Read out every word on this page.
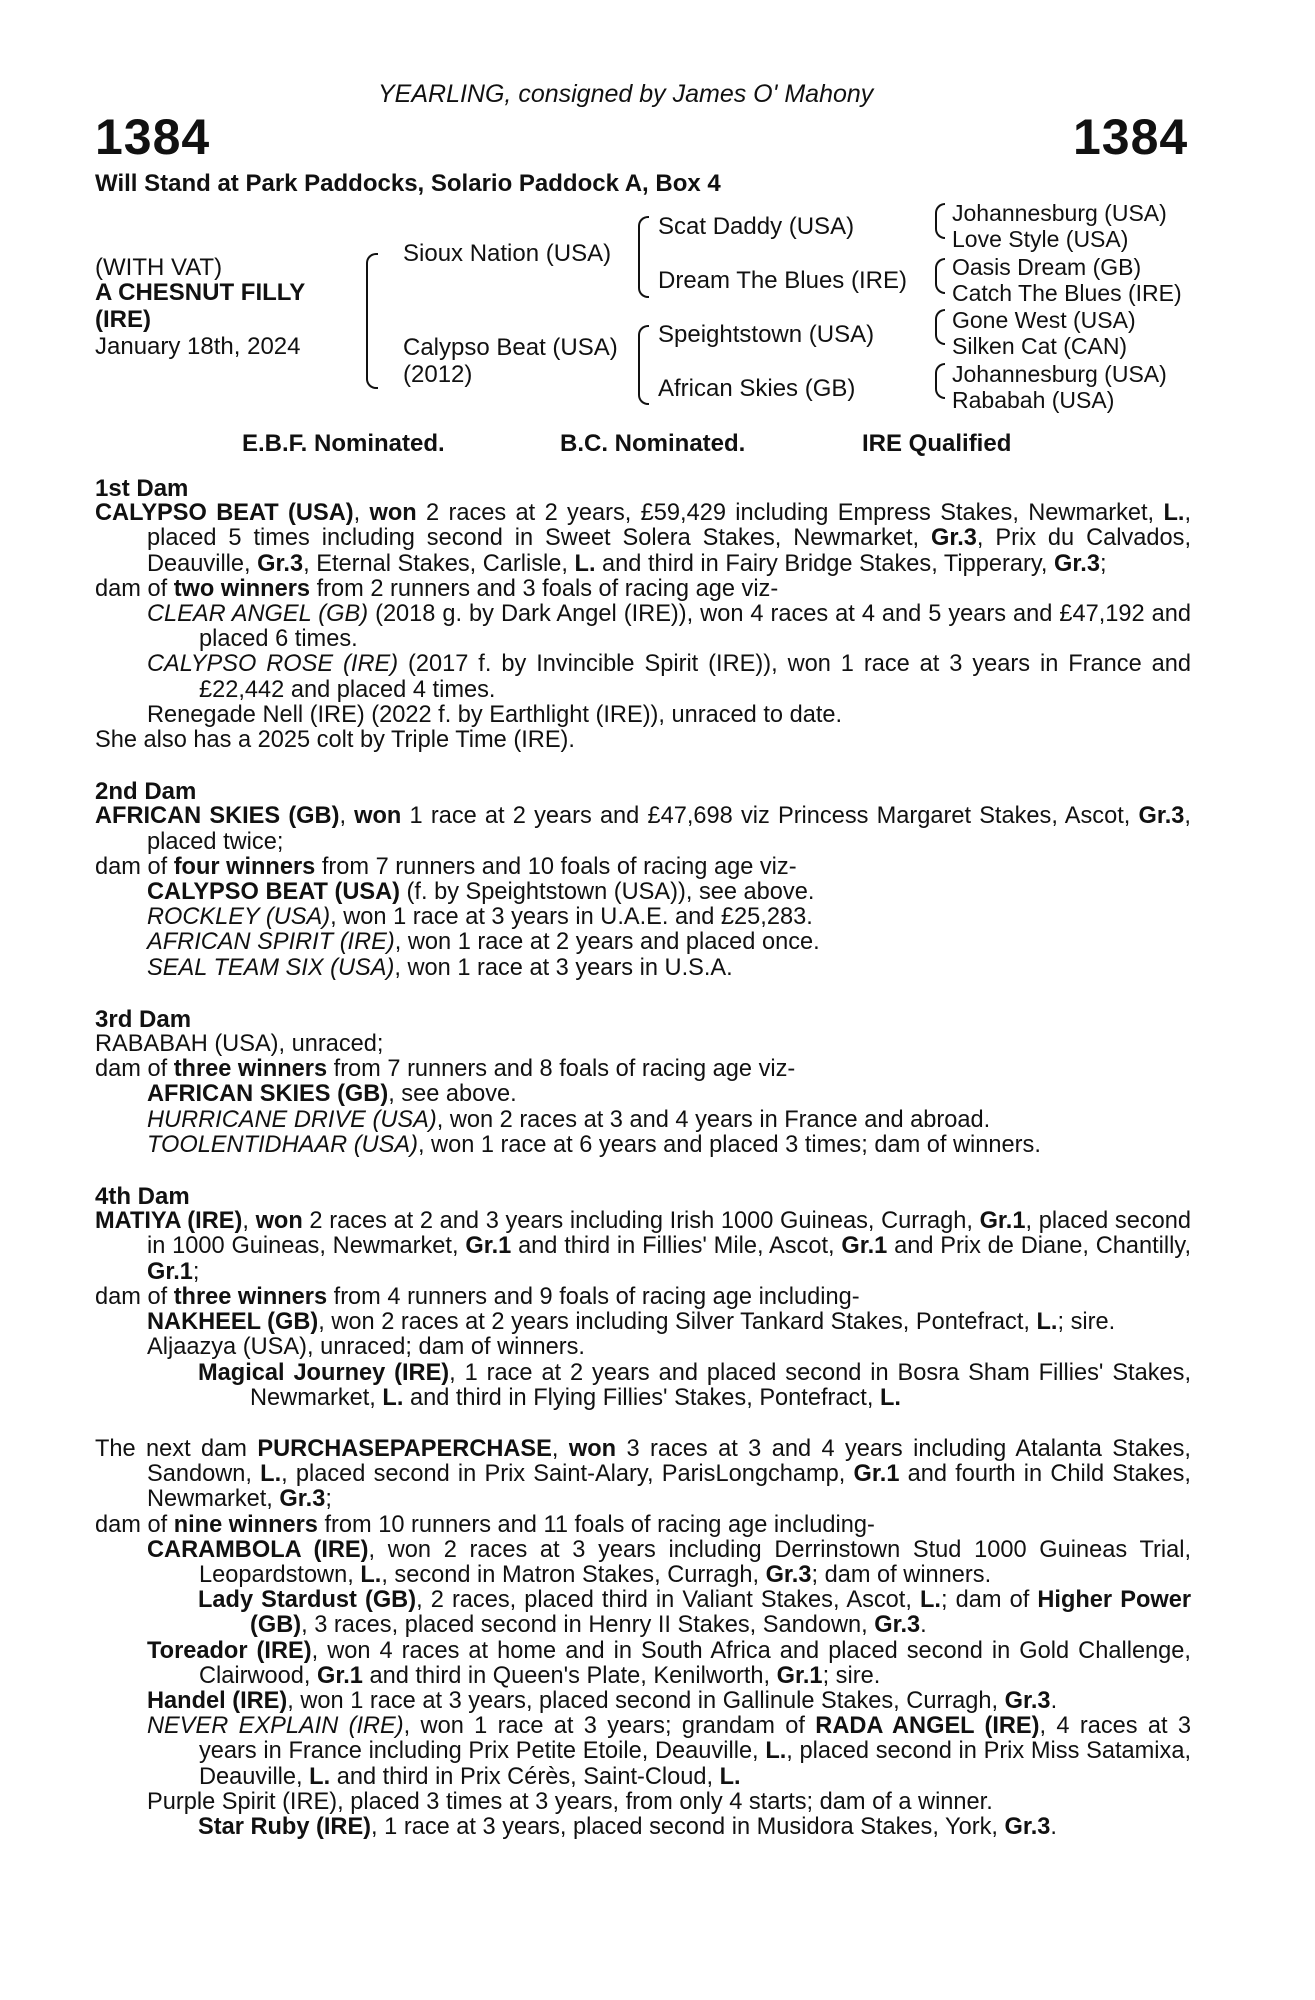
YEARLING, consigned by James O' Mahony
1384	1384
Will Stand at Park Paddocks, Solario Paddock A, Box 4
(WITH VAT)
A CHESNUT FILLY
(IRE)
January 18th, 2024
Sioux Nation (USA)
Calypso Beat (USA)
(2012)
Scat Daddy (USA)
Dream The Blues (IRE)
Speightstown (USA)
African Skies (GB)
Johannesburg (USA)
Love Style (USA)
Oasis Dream (GB)
Catch The Blues (IRE)
Gone West (USA)
Silken Cat (CAN)
Johannesburg (USA)
Rababah (USA)
E.B.F. Nominated.	B.C. Nominated.	IRE Qualified
1st Dam
CALYPSO BEAT (USA), won 2 races at 2 years, £59,429 including Empress Stakes, Newmarket, L., placed 5 times including second in Sweet Solera Stakes, Newmarket, Gr.3, Prix du Calvados, Deauville, Gr.3, Eternal Stakes, Carlisle, L. and third in Fairy Bridge Stakes, Tipperary, Gr.3;
dam of two winners from 2 runners and 3 foals of racing age viz-
CLEAR ANGEL (GB) (2018 g. by Dark Angel (IRE)), won 4 races at 4 and 5 years and £47,192 and placed 6 times.
CALYPSO ROSE (IRE) (2017 f. by Invincible Spirit (IRE)), won 1 race at 3 years in France and £22,442 and placed 4 times.
Renegade Nell (IRE) (2022 f. by Earthlight (IRE)), unraced to date.
She also has a 2025 colt by Triple Time (IRE).
2nd Dam
AFRICAN SKIES (GB), won 1 race at 2 years and £47,698 viz Princess Margaret Stakes, Ascot, Gr.3, placed twice;
dam of four winners from 7 runners and 10 foals of racing age viz-
CALYPSO BEAT (USA) (f. by Speightstown (USA)), see above.
ROCKLEY (USA), won 1 race at 3 years in U.A.E. and £25,283.
AFRICAN SPIRIT (IRE), won 1 race at 2 years and placed once.
SEAL TEAM SIX (USA), won 1 race at 3 years in U.S.A.
3rd Dam
RABABAH (USA), unraced;
dam of three winners from 7 runners and 8 foals of racing age viz-
AFRICAN SKIES (GB), see above.
HURRICANE DRIVE (USA), won 2 races at 3 and 4 years in France and abroad.
TOOLENTIDHAAR (USA), won 1 race at 6 years and placed 3 times; dam of winners.
4th Dam
MATIYA (IRE), won 2 races at 2 and 3 years including Irish 1000 Guineas, Curragh, Gr.1, placed second in 1000 Guineas, Newmarket, Gr.1 and third in Fillies' Mile, Ascot, Gr.1 and Prix de Diane, Chantilly, Gr.1;
dam of three winners from 4 runners and 9 foals of racing age including-
NAKHEEL (GB), won 2 races at 2 years including Silver Tankard Stakes, Pontefract, L.; sire.
Aljaazya (USA), unraced; dam of winners.
Magical Journey (IRE), 1 race at 2 years and placed second in Bosra Sham Fillies' Stakes, Newmarket, L. and third in Flying Fillies' Stakes, Pontefract, L.
The next dam PURCHASEPAPERCHASE, won 3 races at 3 and 4 years including Atalanta Stakes, Sandown, L., placed second in Prix Saint-Alary, ParisLongchamp, Gr.1 and fourth in Child Stakes, Newmarket, Gr.3;
dam of nine winners from 10 runners and 11 foals of racing age including-
CARAMBOLA (IRE), won 2 races at 3 years including Derrinstown Stud 1000 Guineas Trial, Leopardstown, L., second in Matron Stakes, Curragh, Gr.3; dam of winners.
Lady Stardust (GB), 2 races, placed third in Valiant Stakes, Ascot, L.; dam of Higher Power (GB), 3 races, placed second in Henry II Stakes, Sandown, Gr.3.
Toreador (IRE), won 4 races at home and in South Africa and placed second in Gold Challenge, Clairwood, Gr.1 and third in Queen's Plate, Kenilworth, Gr.1; sire.
Handel (IRE), won 1 race at 3 years, placed second in Gallinule Stakes, Curragh, Gr.3.
NEVER EXPLAIN (IRE), won 1 race at 3 years; grandam of RADA ANGEL (IRE), 4 races at 3 years in France including Prix Petite Etoile, Deauville, L., placed second in Prix Miss Satamixa, Deauville, L. and third in Prix Cérès, Saint-Cloud, L.
Purple Spirit (IRE), placed 3 times at 3 years, from only 4 starts; dam of a winner.
Star Ruby (IRE), 1 race at 3 years, placed second in Musidora Stakes, York, Gr.3.
